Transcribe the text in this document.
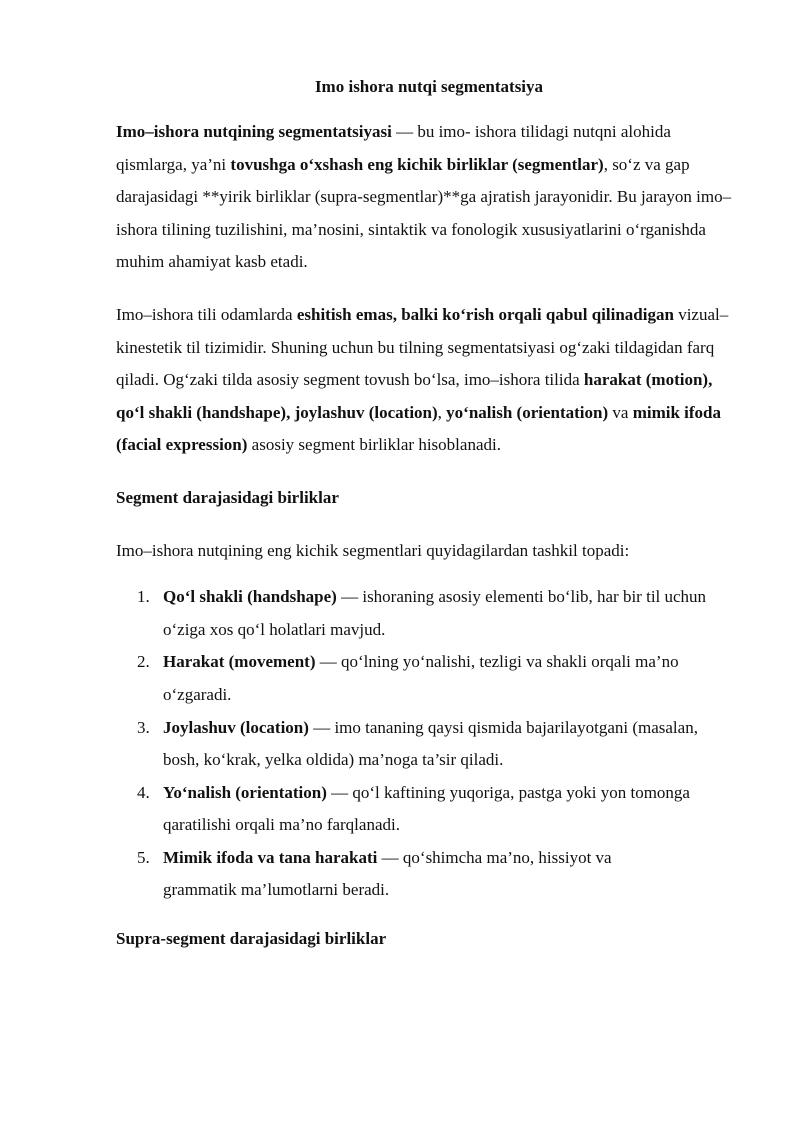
Imo ishora nutqi segmentatsiya

Imo–ishora nutqining segmentatsiyasi — bu imo- ishora tilidagi nutqni alohida qismlarga, ya’ni tovushga o‘xshash eng kichik birliklar (segmentlar), so‘z va gap darajasidagi **yirik birliklar (supra-segmentlar)**ga ajratish jarayonidir. Bu jarayon imo–ishora tilining tuzilishini, ma’nosini, sintaktik va fonologik xususiyatlarini o‘rganishda muhim ahamiyat kasb etadi.

Imo–ishora tili odamlarda eshitish emas, balki ko‘rish orqali qabul qilinadigan vizual–kinestetik til tizimidir. Shuning uchun bu tilning segmentatsiyasi og‘zaki tildagidan farq qiladi. Og‘zaki tilda asosiy segment tovush bo‘lsa, imo–ishora tilida harakat (motion), qo‘l shakli (handshape), joylashuv (location), yo‘nalish (orientation) va mimik ifoda (facial expression) asosiy segment birliklar hisoblanadi.

Segment darajasidagi birliklar

Imo–ishora nutqining eng kichik segmentlari quyidagilardan tashkil topadi:

1. Qo‘l shakli (handshape) — ishoraning asosiy elementi bo‘lib, har bir til uchun o‘ziga xos qo‘l holatlari mavjud.
2. Harakat (movement) — qo‘lning yo‘nalishi, tezligi va shakli orqali ma’no o‘zgaradi.
3. Joylashuv (location) — imo tananing qaysi qismida bajarilayotgani (masalan, bosh, ko‘krak, yelka oldida) ma’noga ta’sir qiladi.
4. Yo‘nalish (orientation) — qo‘l kaftining yuqoriga, pastga yoki yon tomonga qaratilishi orqali ma’no farqlanadi.
5. Mimik ifoda va tana harakati — qo‘shimcha ma’no, hissiyot va grammatik ma’lumotlarni beradi.

Supra-segment darajasidagi birliklar
